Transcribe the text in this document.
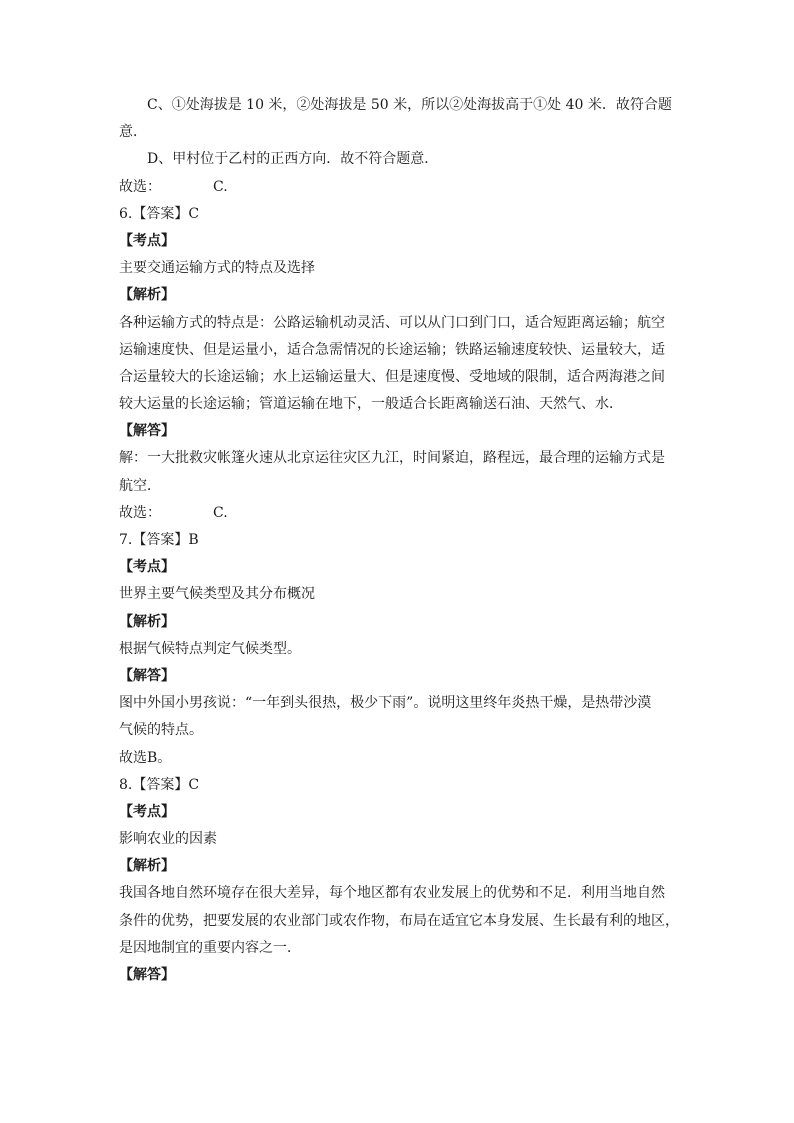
C、①处海拔是 10 米，②处海拔是 50 米，所以②处海拔高于①处 40 米．故符合题

意．

D、甲村位于乙村的正西方向．故不符合题意．

故选：	C.

6.【答案】C

【考点】

主要交通运输方式的特点及选择

【解析】

各种运输方式的特点是：公路运输机动灵活、可以从门口到门口，适合短距离运输；航空

运输速度快、但是运量小，适合急需情况的长途运输；铁路运输速度较快、运量较大，适

合运量较大的长途运输；水上运输运量大、但是速度慢、受地域的限制，适合两海港之间

较大运量的长途运输；管道运输在地下，一般适合长距离输送石油、天然气、水．

【解答】

解：一大批救灾帐篷火速从北京运往灾区九江，时间紧迫，路程远，最合理的运输方式是

航空．

故选：	C.

7.【答案】B

【考点】

世界主要气候类型及其分布概况

【解析】

根据气候特点判定气候类型。

【解答】

图中外国小男孩说：“一年到头很热，极少下雨”。说明这里终年炎热干燥，是热带沙漠

气候的特点。

故选B。

8.【答案】C

【考点】

影响农业的因素

【解析】

我国各地自然环境存在很大差异，每个地区都有农业发展上的优势和不足．利用当地自然

条件的优势，把要发展的农业部门或农作物，布局在适宜它本身发展、生长最有利的地区，

是因地制宜的重要内容之一．

【解答】
